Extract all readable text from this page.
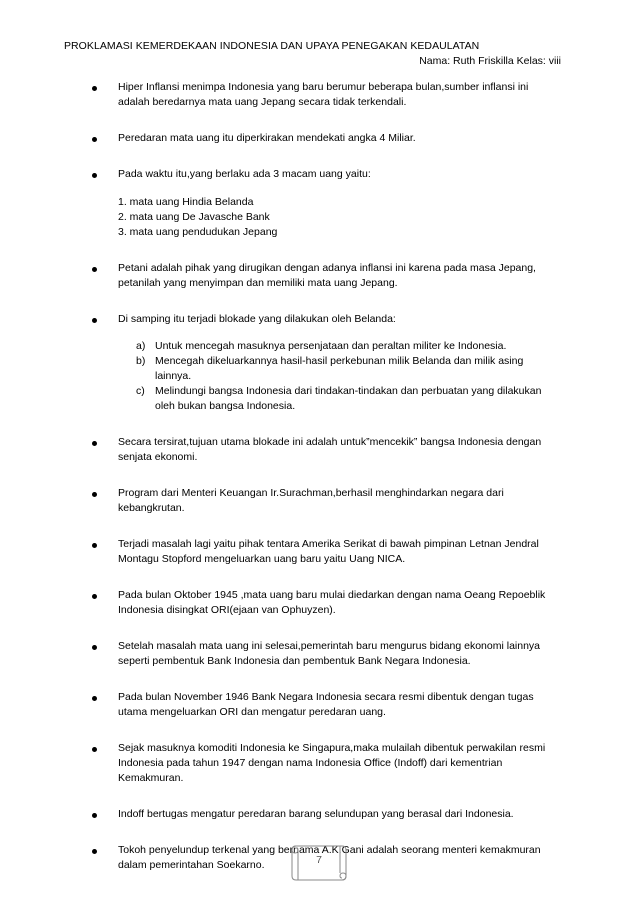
PROKLAMASI KEMERDEKAAN INDONESIA DAN UPAYA PENEGAKAN KEDAULATAN
Nama: Ruth Friskilla Kelas: viii
Hiper Inflansi menimpa Indonesia yang baru berumur beberapa bulan,sumber inflansi ini adalah beredarnya mata uang Jepang secara tidak terkendali.
Peredaran mata uang itu diperkirakan mendekati angka 4 Miliar.
Pada waktu itu,yang berlaku ada 3 macam uang yaitu:
1. mata uang Hindia Belanda
2. mata uang De Javasche Bank
3. mata uang pendudukan Jepang
Petani adalah pihak yang dirugikan dengan adanya inflansi ini karena pada masa Jepang, petanilah yang menyimpan dan memiliki mata uang Jepang.
Di samping itu terjadi blokade yang dilakukan oleh Belanda:
a) Untuk mencegah masuknya persenjataan dan peraltan militer ke Indonesia.
b) Mencegah dikeluarkannya hasil-hasil perkebunan milik Belanda dan milik asing lainnya.
c) Melindungi bangsa Indonesia dari tindakan-tindakan dan perbuatan yang dilakukan oleh bukan bangsa Indonesia.
Secara tersirat,tujuan utama blokade ini adalah untuk”mencekik” bangsa Indonesia dengan senjata ekonomi.
Program dari Menteri Keuangan Ir.Surachman,berhasil menghindarkan negara dari kebangkrutan.
Terjadi masalah lagi yaitu pihak tentara Amerika Serikat di bawah pimpinan Letnan Jendral Montagu Stopford mengeluarkan uang baru yaitu Uang NICA.
Pada bulan Oktober 1945 ,mata uang baru mulai diedarkan dengan nama Oeang Repoeblik Indonesia disingkat ORI(ejaan van Ophuyzen).
Setelah masalah mata uang ini selesai,pemerintah baru mengurus bidang ekonomi lainnya seperti pembentuk Bank Indonesia dan pembentuk Bank Negara Indonesia.
Pada bulan November 1946 Bank Negara Indonesia secara resmi dibentuk dengan tugas utama mengeluarkan ORI dan mengatur peredaran uang.
Sejak masuknya komoditi Indonesia ke Singapura,maka mulailah dibentuk perwakilan resmi Indonesia pada tahun 1947 dengan nama Indonesia Office (Indoff) dari kementrian Kemakmuran.
Indoff bertugas mengatur peredaran barang selundupan yang berasal dari Indonesia.
Tokoh penyelundup terkenal yang bernama A.K.Gani adalah seorang menteri kemakmuran dalam pemerintahan Soekarno.	7
